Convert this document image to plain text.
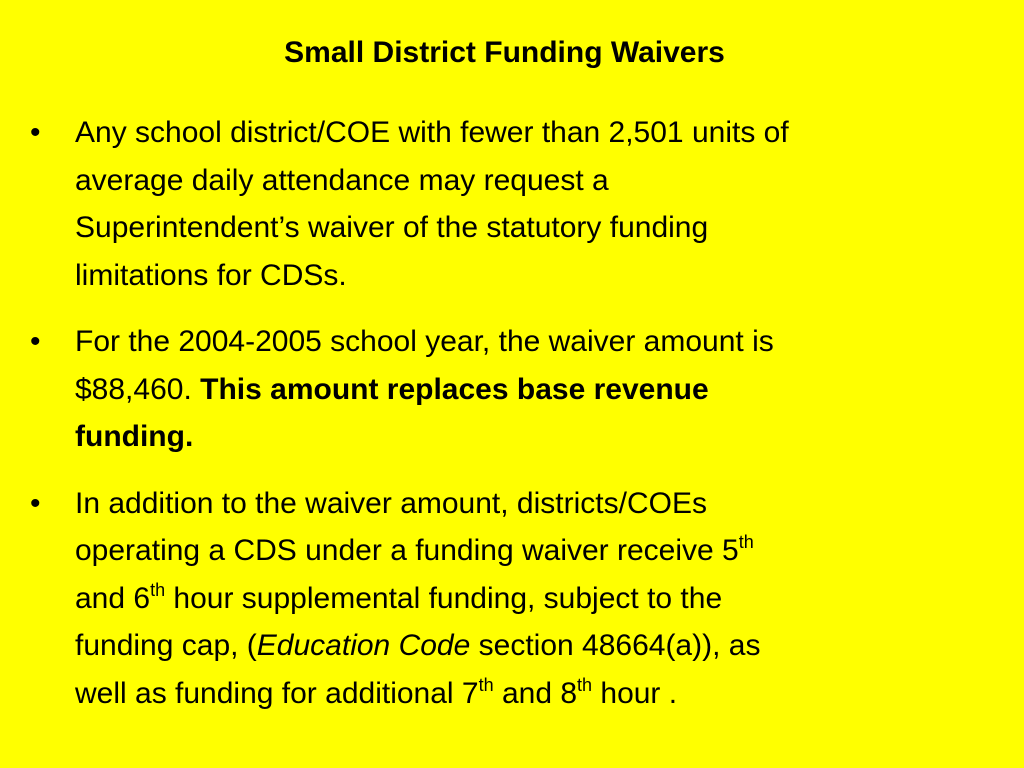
Small District Funding Waivers
•	Any school district/COE with fewer than 2,501 units of
average daily attendance may request a
Superintendent’s waiver of the statutory funding
limitations for CDSs.
•	For the 2004-2005 school year, the waiver amount is
$88,460. This amount replaces base revenue
funding.
•	In addition to the waiver amount, districts/COEs
operating a CDS under a funding waiver receive 5th
and 6th hour supplemental funding, subject to the
funding cap, (Education Code section 48664(a)), as
well as funding for additional 7th and 8th hour .
